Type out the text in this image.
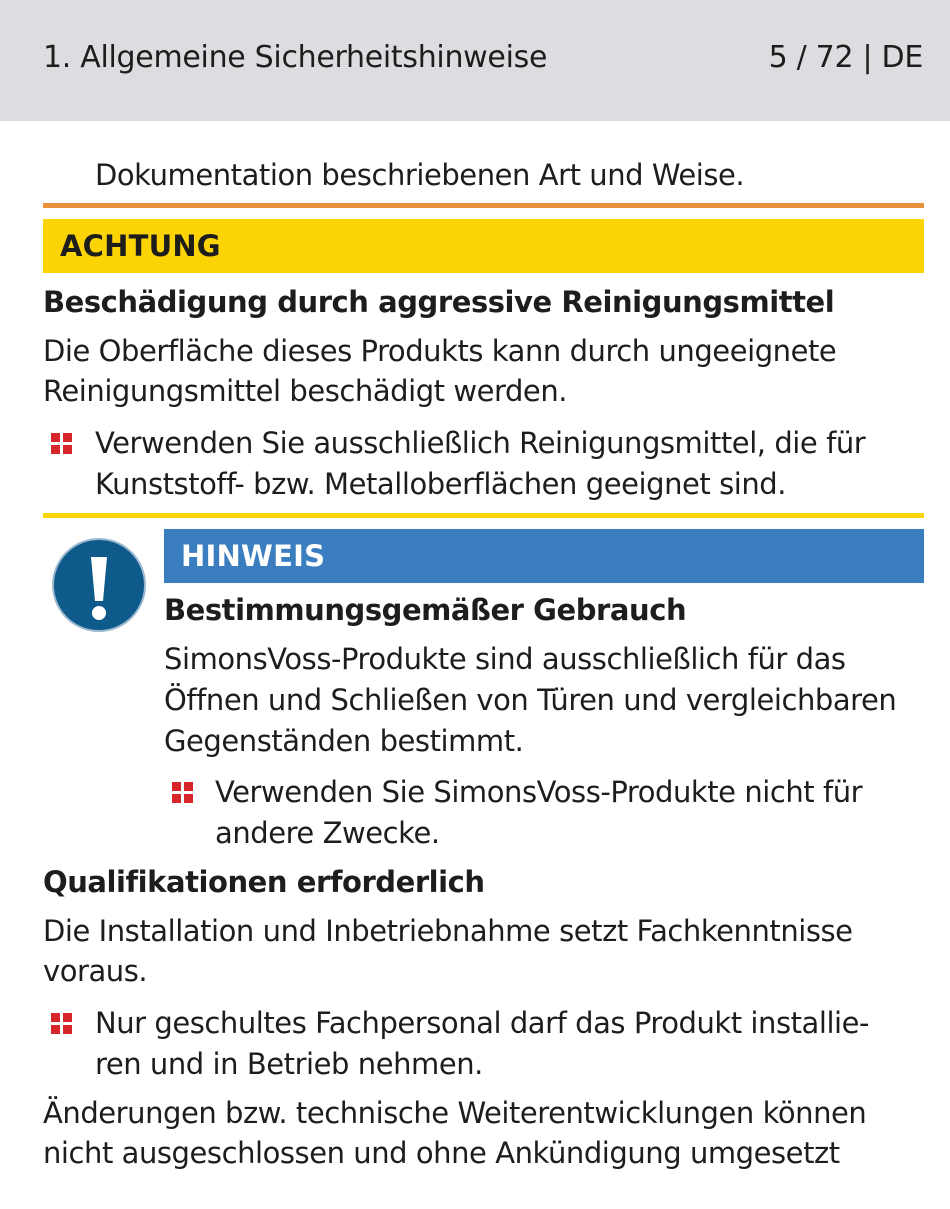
1. Allgemeine Sicherheitshinweise	5 / 72 | DE
Dokumentation beschriebenen Art und Weise.
ACHTUNG
Beschädigung durch aggressive Reinigungsmittel
Die Oberfläche dieses Produkts kann durch ungeeignete
Reinigungsmittel beschädigt werden.
Verwenden Sie ausschließlich Reinigungsmittel, die für
Kunststoff- bzw. Metalloberflächen geeignet sind.
HINWEIS
Bestimmungsgemäßer Gebrauch
SimonsVoss-Produkte sind ausschließlich für das
Öffnen und Schließen von Türen und vergleichbaren
Gegenständen bestimmt.
Verwenden Sie SimonsVoss-Produkte nicht für
andere Zwecke.
Qualifikationen erforderlich
Die Installation und Inbetriebnahme setzt Fachkenntnisse
voraus.
Nur geschultes Fachpersonal darf das Produkt installie-
ren und in Betrieb nehmen.
Änderungen bzw. technische Weiterentwicklungen können
nicht ausgeschlossen und ohne Ankündigung umgesetzt
